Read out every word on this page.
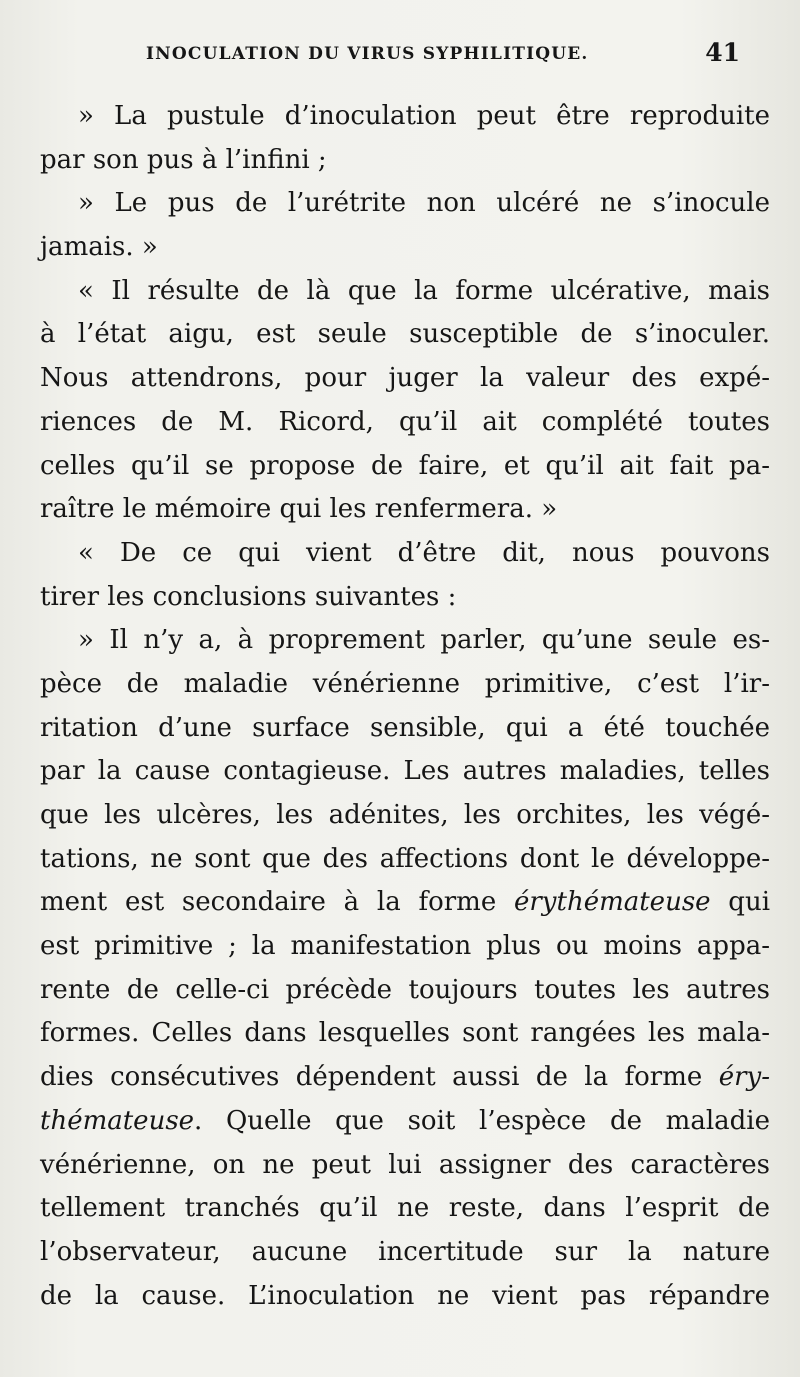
INOCULATION DU VIRUS SYPHILITIQUE.	41
» La pustule d’inoculation peut être reproduite
par son pus à l’infini ;
» Le pus de l’urétrite non ulcéré ne s’inocule
jamais. »
« Il résulte de là que la forme ulcérative, mais
à l’état aigu, est seule susceptible de s’inoculer.
Nous attendrons, pour juger la valeur des expé-
riences de M. Ricord, qu’il ait complété toutes
celles qu’il se propose de faire, et qu’il ait fait pa-
raître le mémoire qui les renfermera. »
« De ce qui vient d’être dit, nous pouvons
tirer les conclusions suivantes :
» Il n’y a, à proprement parler, qu’une seule es-
pèce de maladie vénérienne primitive, c’est l’ir-
ritation d’une surface sensible, qui a été touchée
par la cause contagieuse. Les autres maladies, telles
que les ulcères, les adénites, les orchites, les végé-
tations, ne sont que des affections dont le développe-
ment est secondaire à la forme érythémateuse qui
est primitive ; la manifestation plus ou moins appa-
rente de celle-ci précède toujours toutes les autres
formes. Celles dans lesquelles sont rangées les mala-
dies consécutives dépendent aussi de la forme éry-
thémateuse. Quelle que soit l’espèce de maladie
vénérienne, on ne peut lui assigner des caractères
tellement tranchés qu’il ne reste, dans l’esprit de
l’observateur, aucune incertitude sur la nature
de la cause. L’inoculation ne vient pas répandre
